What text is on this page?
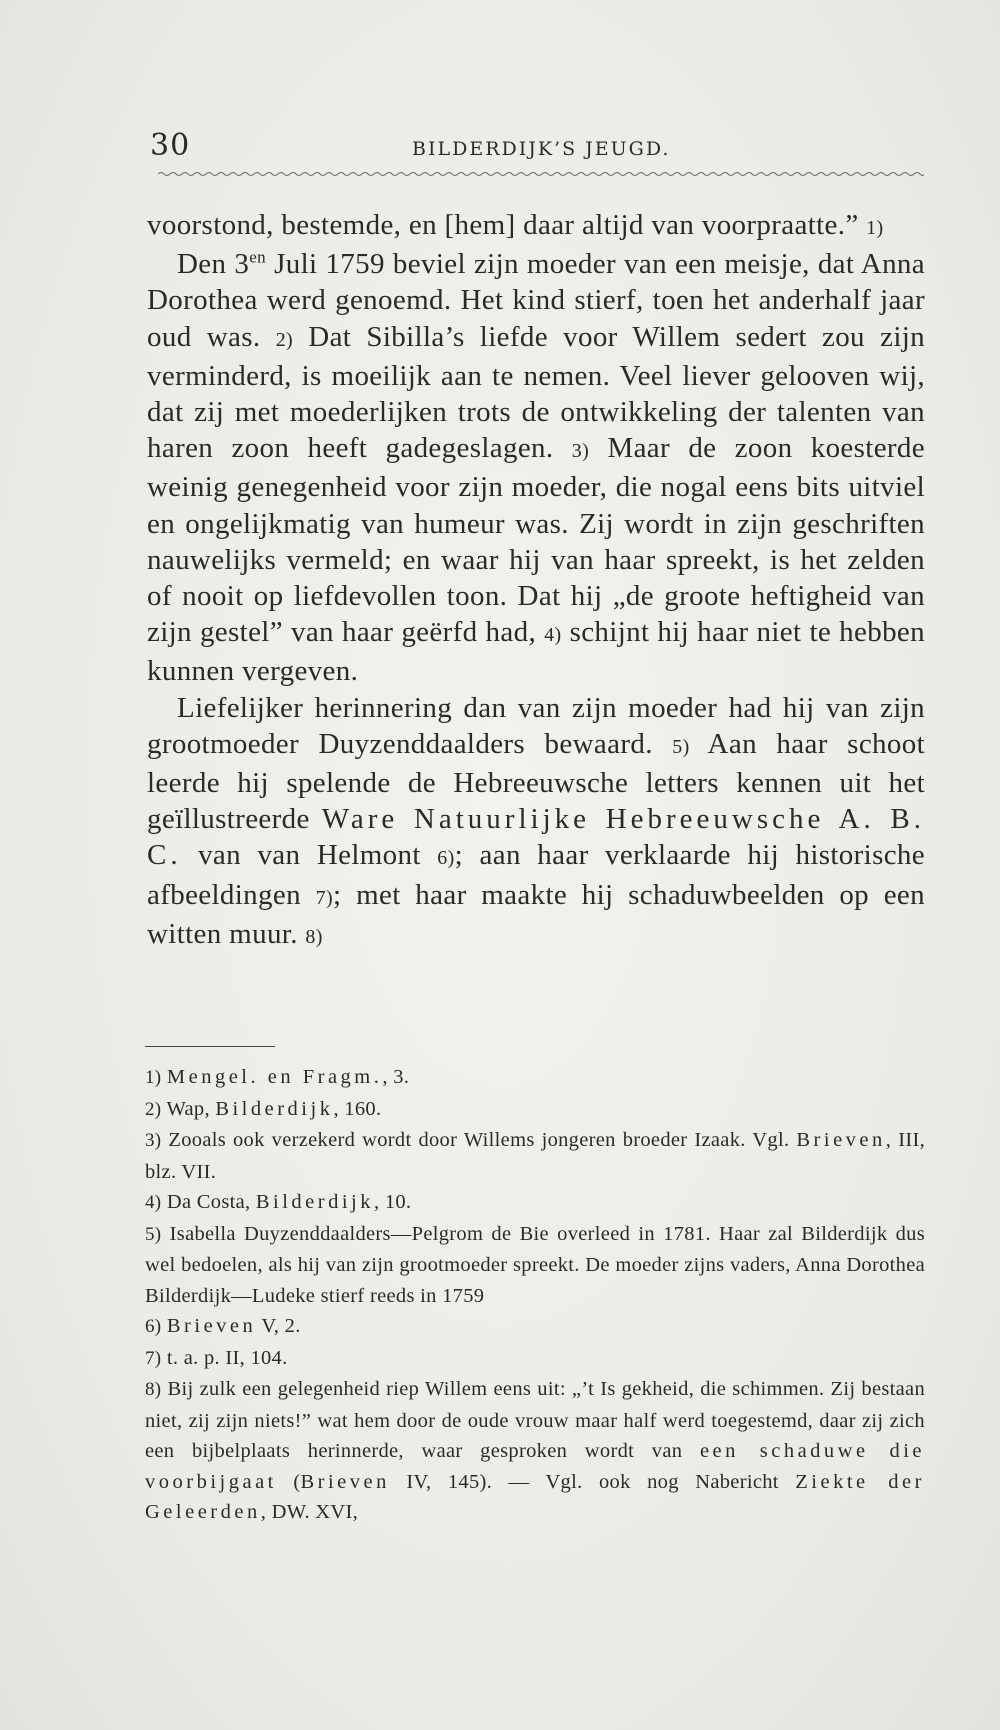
30	BILDERDIJK’S JEUGD.

voorstond, bestemde, en [hem] daar altijd van voorpraatte.” 1)

Den $3^{en}$ Juli 1759 beviel zijn moeder van een meisje, dat Anna Dorothea werd genoemd. Het kind stierf, toen het anderhalf jaar oud was. 2) Dat Sibilla’s liefde voor Willem sedert zou zijn verminderd, is moeilijk aan te nemen. Veel liever gelooven wij, dat zij met moederlijken trots de ontwikkeling der talenten van haren zoon heeft gadegeslagen. 3) Maar de zoon koesterde weinig genegenheid voor zijn moeder, die nogal eens bits uitviel en ongelijkmatig van humeur was. Zij wordt in zijn geschriften nauwelijks vermeld; en waar hij van haar spreekt, is het zelden of nooit op liefdevollen toon. Dat hij „de groote heftigheid van zijn gestel” van haar geërfd had, 4) schijnt hij haar niet te hebben kunnen vergeven.

Liefelijker herinnering dan van zijn moeder had hij van zijn grootmoeder Duyzenddaalders bewaard. 5) Aan haar schoot leerde hij spelende de Hebreeuwsche letters kennen uit het geïllustreerde Ware Natuurlijke Hebreeuwsche A. B. C. van van Helmont 6); aan haar verklaarde hij historische afbeeldingen 7); met haar maakte hij schaduwbeelden op een witten muur. 8)

1) Mengel. en Fragm., 3.

2) Wap, Bilderdijk, 160.

3) Zooals ook verzekerd wordt door Willems jongeren broeder Izaak. Vgl. Brieven, III, blz. VII.

4) Da Costa, Bilderdijk, 10.

5) Isabella Duyzenddaalders—Pelgrom de Bie overleed in 1781. Haar zal Bilderdijk dus wel bedoelen, als hij van zijn grootmoeder spreekt. De moeder zijns vaders, Anna Dorothea Bilderdijk—Ludeke stierf reeds in 1759

6) Brieven V, 2.

7) t. a. p. II, 104.

8) Bij zulk een gelegenheid riep Willem eens uit: „’t Is gekheid, die schimmen. Zij bestaan niet, zij zijn niets!” wat hem door de oude vrouw maar half werd toegestemd, daar zij zich een bijbelplaats herinnerde, waar gesproken wordt van een schaduwe die voorbijgaat (Brieven IV, 145). — Vgl. ook nog Nabericht Ziekte der Geleerden, DW. XVI,
